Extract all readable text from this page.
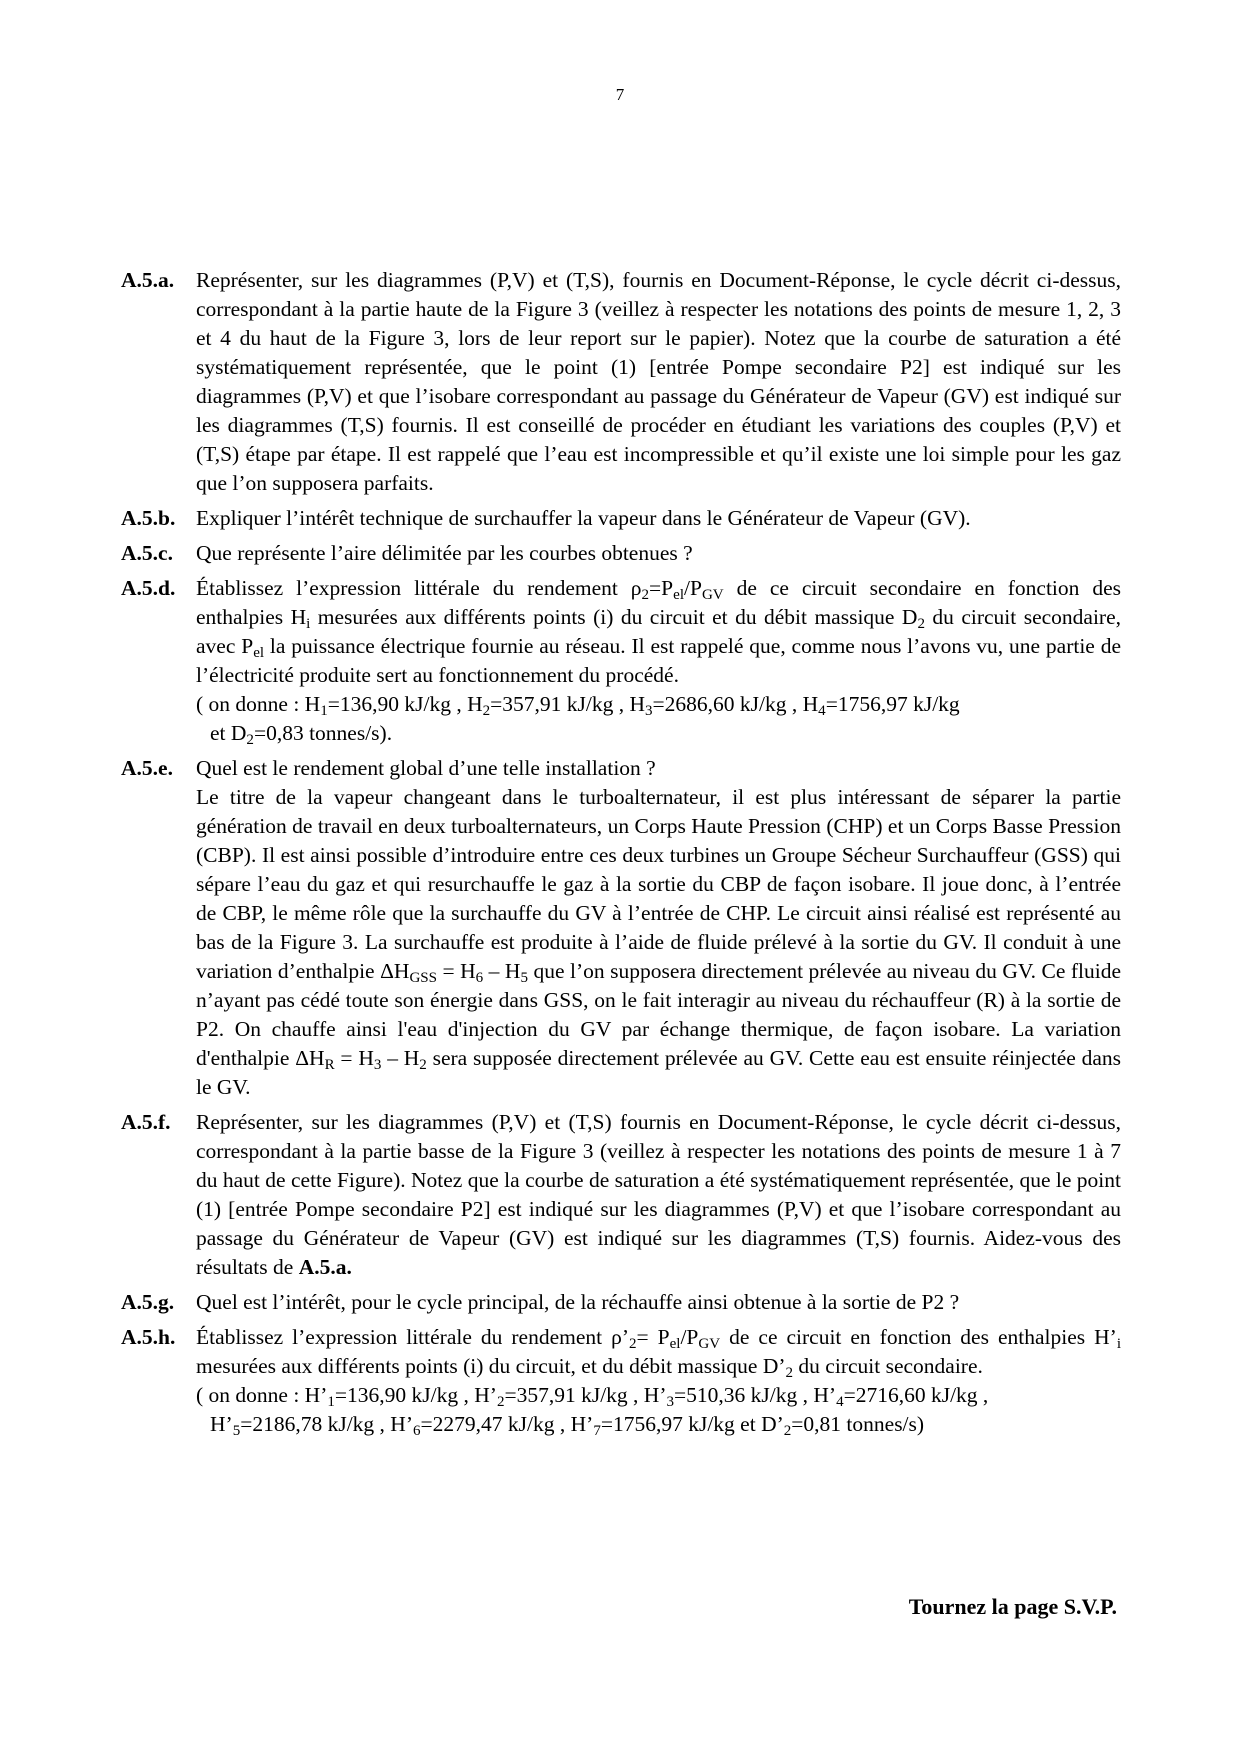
7
A.5.a.	Représenter, sur les diagrammes (P,V) et (T,S), fournis en Document-Réponse, le cycle décrit ci-dessus, correspondant à la partie haute de la Figure 3 (veillez à respecter les notations des points de mesure 1, 2, 3 et 4 du haut de la Figure 3, lors de leur report sur le papier). Notez que la courbe de saturation a été systématiquement représentée, que le point (1) [entrée Pompe secondaire P2] est indiqué sur les diagrammes (P,V) et que l’isobare correspondant au passage du Générateur de Vapeur (GV) est indiqué sur les diagrammes (T,S) fournis. Il est conseillé de procéder en étudiant les variations des couples (P,V) et (T,S) étape par étape. Il est rappelé que l’eau est incompressible et qu’il existe une loi simple pour les gaz que l’on supposera parfaits.
A.5.b. Expliquer l’intérêt technique de surchauffer la vapeur dans le Générateur de Vapeur (GV).
A.5.c.	Que représente l’aire délimitée par les courbes obtenues ?
A.5.d. Établissez l’expression littérale du rendement $\rho_2=P_{el}/P_{GV}$ de ce circuit secondaire en fonction des enthalpies $H_i$ mesurées aux différents points (i) du circuit et du débit massique $D_2$ du circuit secondaire, avec $P_{el}$ la puissance électrique fournie au réseau. Il est rappelé que, comme nous l’avons vu, une partie de l’électricité produite sert au fonctionnement du procédé.

( on donne : $H_1=136,90$ kJ/kg , $H_2=357,91$ kJ/kg , $H_3=2686,60$ kJ/kg , $H_4=1756,97$ kJ/kg
et $D_2=0,83$ tonnes/s).

A.5.e.	Quel est le rendement global d’une telle installation ?

Le titre de la vapeur changeant dans le turboalternateur, il est plus intéressant de séparer la partie génération de travail en deux turboalternateurs, un Corps Haute Pression (CHP) et un Corps Basse Pression (CBP). Il est ainsi possible d’introduire entre ces deux turbines un Groupe Sécheur Surchauffeur (GSS) qui sépare l’eau du gaz et qui resurchauffe le gaz à la sortie du CBP de façon isobare. Il joue donc, à l’entrée de CBP, le même rôle que la surchauffe du GV à l’entrée de CHP. Le circuit ainsi réalisé est représenté au bas de la Figure 3. La surchauffe est produite à l’aide de fluide prélevé à la sortie du GV. Il conduit à une variation d’enthalpie $\Delta H_{GSS} = H_6 - H_5$ que l’on supposera directement prélevée au niveau du GV. Ce fluide n’ayant pas cédé toute son énergie dans GSS, on le fait interagir au niveau du réchauffeur (R) à la sortie de P2. On chauffe ainsi l'eau d'injection du GV par échange thermique, de façon isobare. La variation d'enthalpie $\Delta H_R = H_3 - H_2$ sera supposée directement prélevée au GV. Cette eau est ensuite réinjectée dans le GV.

A.5.f.	Représenter, sur les diagrammes (P,V) et (T,S) fournis en Document-Réponse, le cycle décrit ci-dessus, correspondant à la partie basse de la Figure 3 (veillez à respecter les notations des points de mesure 1 à 7 du haut de cette Figure). Notez que la courbe de saturation a été systématiquement représentée, que le point (1) [entrée Pompe secondaire P2] est indiqué sur les diagrammes (P,V) et que l’isobare correspondant au passage du Générateur de Vapeur (GV) est indiqué sur les diagrammes (T,S) fournis. Aidez-vous des résultats de A.5.a.
A.5.g.	Quel est l’intérêt, pour le cycle principal, de la réchauffe ainsi obtenue à la sortie de P2 ?
A.5.h. Établissez l’expression littérale du rendement $\rho’_2= P_{el}/P_{GV}$ de ce circuit en fonction des enthalpies $H’_i$ mesurées aux différents points (i) du circuit, et du débit massique $D’_2$ du circuit secondaire.

( on donne : $H’_1=136,90$ kJ/kg , $H’_2=357,91$ kJ/kg , $H’_3=510,36$ kJ/kg , $H’_4=2716,60$ kJ/kg ,
$H’_5=2186,78$ kJ/kg , $H’_6=2279,47$ kJ/kg , $H’_7=1756,97$ kJ/kg et $D’_2=0,81$ tonnes/s)

Tournez la page S.V.P.
